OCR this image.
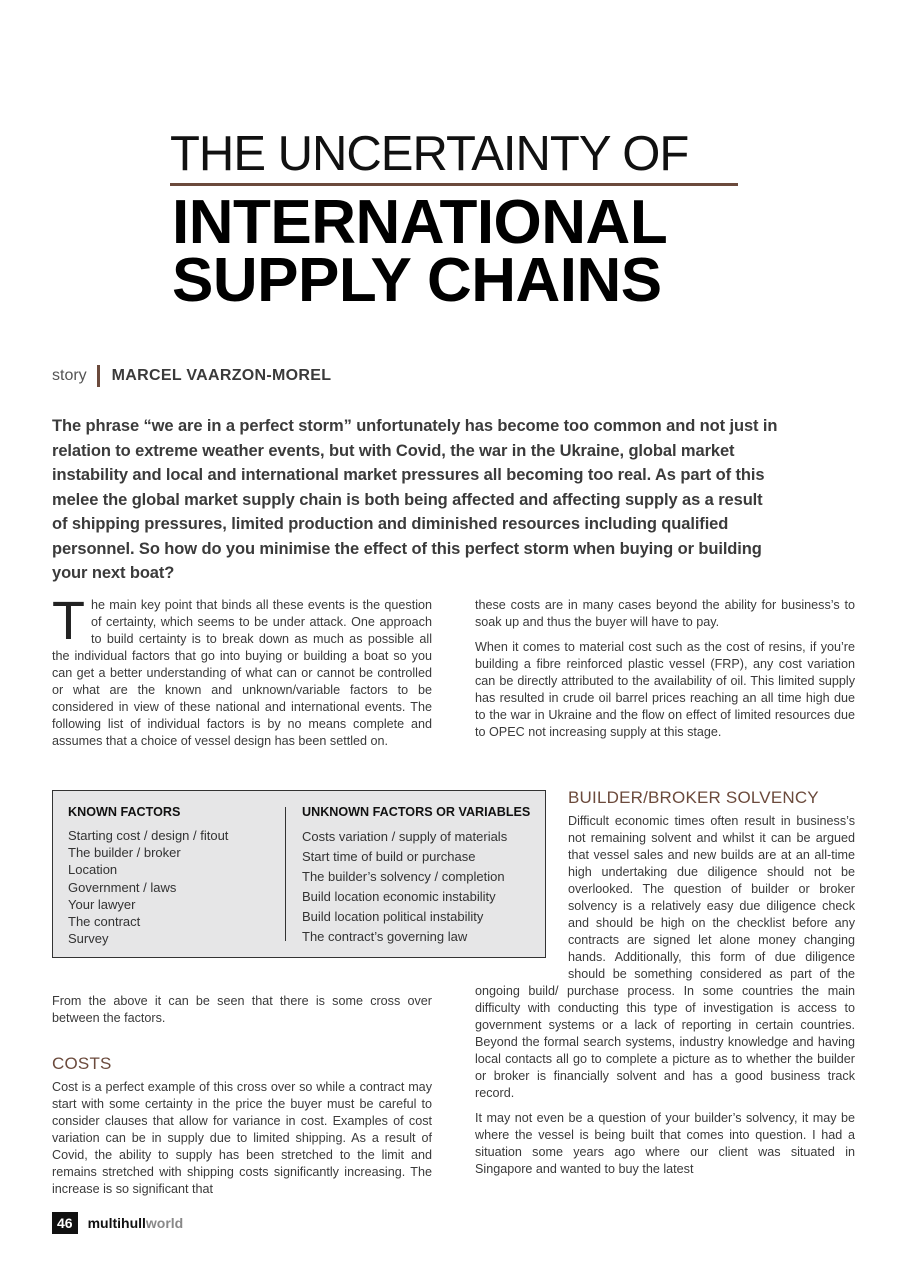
THE UNCERTAINTY OF
INTERNATIONAL
SUPPLY CHAINS
story MARCEL VAARZON-MOREL

The phrase “we are in a perfect storm” unfortunately has become too common and not just in relation to extreme weather events, but with Covid, the war in the Ukraine, global market instability and local and international market pressures all becoming too real. As part of this melee the global market supply chain is both being affected and affecting supply as a result of shipping pressures, limited production and diminished resources including qualified personnel. So how do you minimise the effect of this perfect storm when buying or building your next boat?

The main key point that binds all these events is the question of certainty, which seems to be under attack. One approach to build certainty is to break down as much as possible all the individual factors that go into buying or building a boat so you can get a better understanding of what can or cannot be controlled or what are the known and unknown/variable factors to be considered in view of these national and international events. The following list of individual factors is by no means complete and assumes that a choice of vessel design has been settled on.
KNOWN FACTORS
Starting cost / design / fitout
The builder / broker
Location
Government / laws
Your lawyer
The contract
Survey
UNKNOWN FACTORS OR VARIABLES
Costs variation / supply of materials
Start time of build or purchase
The builder’s solvency / completion
Build location economic instability
Build location political instability
The contract’s governing law

From the above it can be seen that there is some cross over between the factors.

COSTS

Cost is a perfect example of this cross over so while a contract may start with some certainty in the price the buyer must be careful to consider clauses that allow for variance in cost. Examples of cost variation can be in supply due to limited shipping. As a result of Covid, the ability to supply has been stretched to the limit and remains stretched with shipping costs significantly increasing. The increase is so significant that

these costs are in many cases beyond the ability for business’s to soak up and thus the buyer will have to pay.

When it comes to material cost such as the cost of resins, if you’re building a fibre reinforced plastic vessel (FRP), any cost variation can be directly attributed to the availability of oil. This limited supply has resulted in crude oil barrel prices reaching an all time high due to the war in Ukraine and the flow on effect of limited resources due to OPEC not increasing supply at this stage.

BUILDER/BROKER SOLVENCY

Difficult economic times often result in business’s not remaining solvent and whilst it can be argued that vessel sales and new builds are at an all-time high undertaking due diligence should not be overlooked. The question of builder or broker solvency is a relatively easy due diligence check and should be high on the checklist before any contracts are signed let alone money changing hands. Additionally, this form of due diligence should be something considered as part of the ongoing build/ purchase process. In some countries the main difficulty with conducting this type of investigation is access to government systems or a lack of reporting in certain countries. Beyond the formal search systems, industry knowledge and having local contacts all go to complete a picture as to whether the builder or broker is financially solvent and has a good business track record.

It may not even be a question of your builder’s solvency, it may be where the vessel is being built that comes into question. I had a situation some years ago where our client was situated in Singapore and wanted to buy the latest

46	multihullworld
